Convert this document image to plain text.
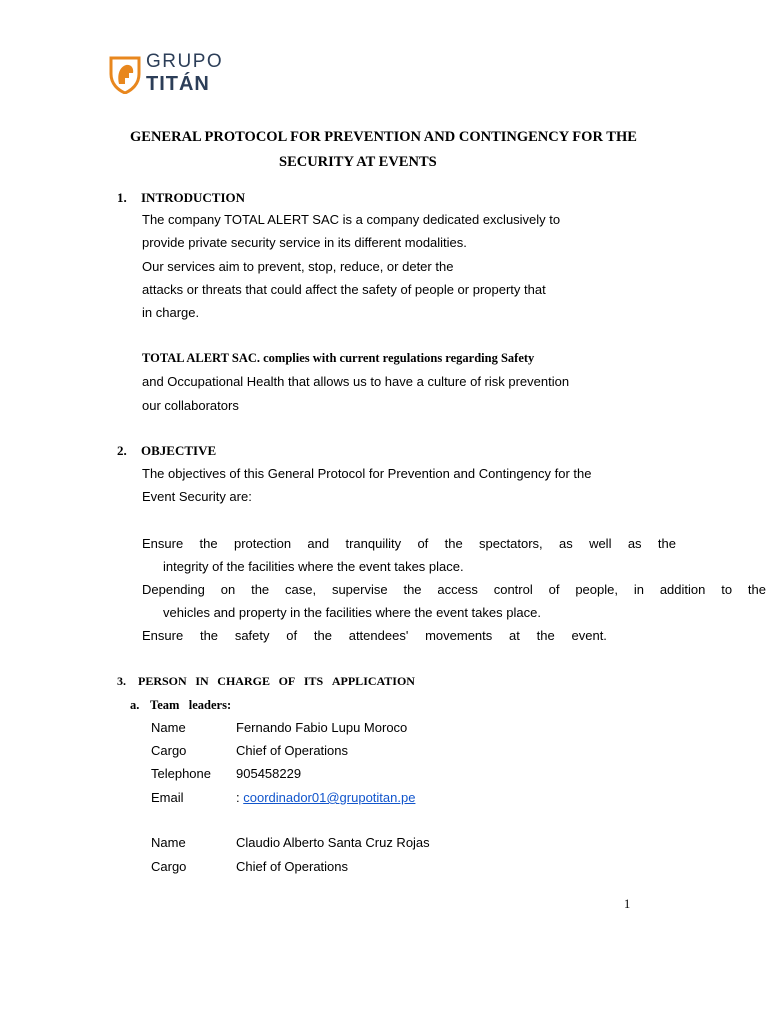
GRUPO
TITÁN
GENERAL PROTOCOL FOR PREVENTION AND CONTINGENCY FOR THE
SECURITY AT EVENTS
1. INTRODUCTION
The company TOTAL ALERT SAC is a company dedicated exclusively to
provide private security service in its different modalities.
Our services aim to prevent, stop, reduce, or deter the
attacks or threats that could affect the safety of people or property that
in charge.
TOTAL ALERT SAC. complies with current regulations regarding Safety
and Occupational Health that allows us to have a culture of risk prevention
our collaborators
2. OBJECTIVE
The objectives of this General Protocol for Prevention and Contingency for the
Event Security are:
Ensure the protection and tranquility of the spectators, as well as the
integrity of the facilities where the event takes place.
Depending on the case, supervise the access control of people, in addition to the
vehicles and property in the facilities where the event takes place.
Ensure the safety of the attendees' movements at the event.
3. PERSON IN CHARGE OF ITS APPLICATION
a. Team   leaders:
Name	Fernando Fabio Lupu Moroco
Cargo	Chief of Operations
Telephone 905458229
Email	: coordinador01@grupotitan.pe
Name	Claudio Alberto Santa Cruz Rojas
Cargo	Chief of Operations
1
